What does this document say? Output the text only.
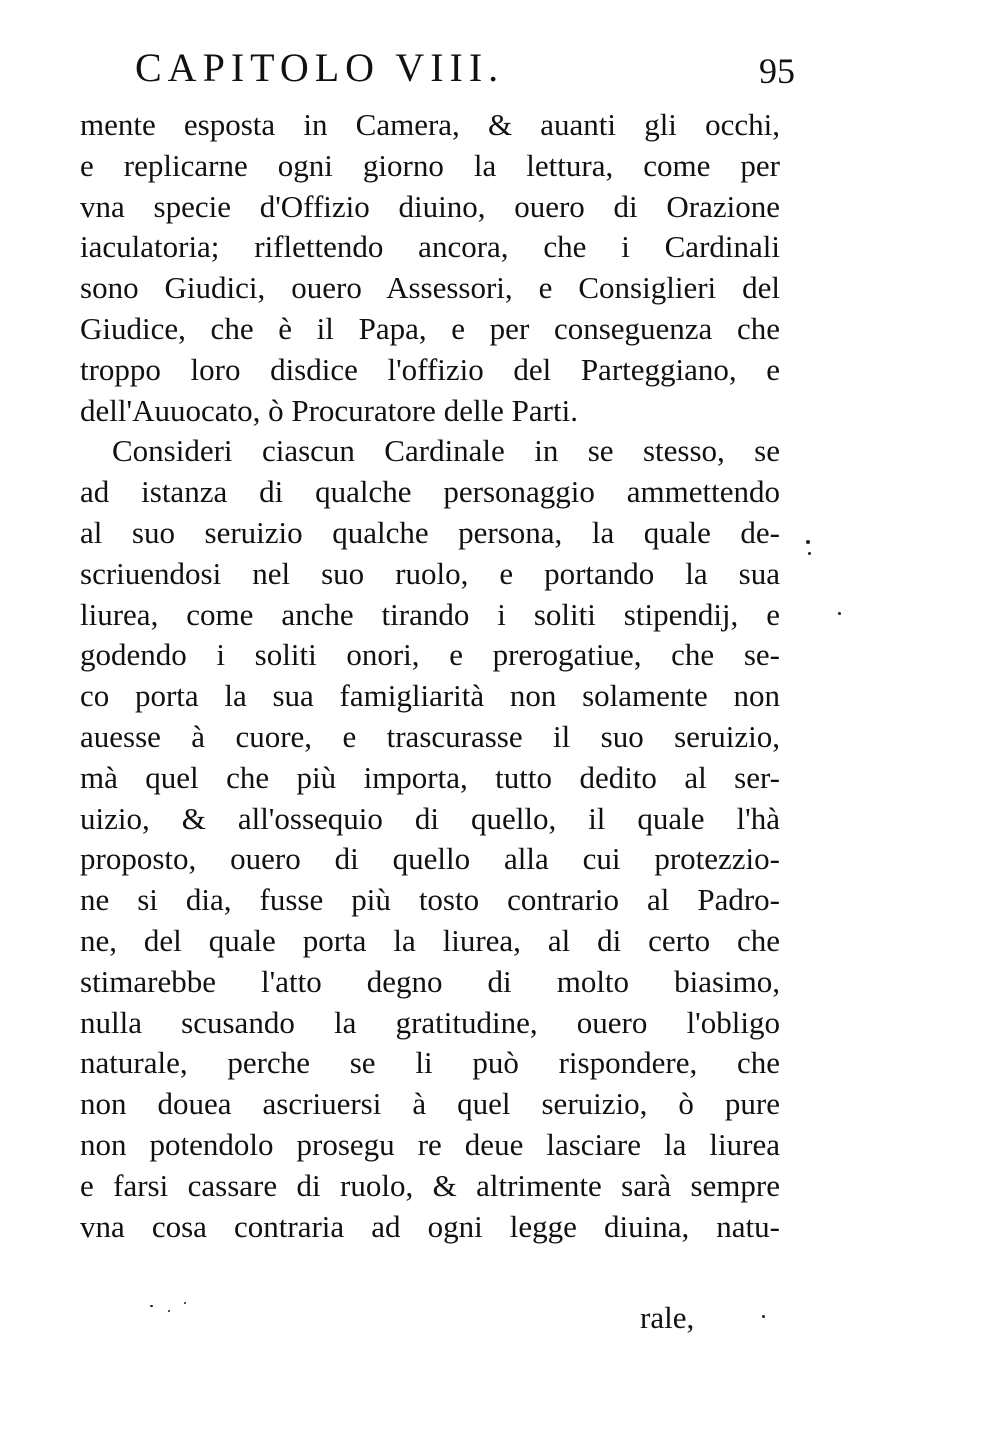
CAPITOLO VIII.	95
mente esposta in Camera, & auanti gli occhi,
e replicarne ogni giorno la lettura, come per
vna specie d'Offizio diuino, ouero di Orazione
iaculatoria; riflettendo ancora, che i Cardinali
sono Giudici, ouero Assessori, e Consiglieri del
Giudice, che è il Papa, e per conseguenza che
troppo loro disdice l'offizio del Parteggiano, e
dell'Auuocato, ò Procuratore delle Parti.
Consideri ciascun Cardinale in se stesso, se
ad istanza di qualche personaggio ammettendo
al suo seruizio qualche persona, la quale de-
scriuendosi nel suo ruolo, e portando la sua
liurea, come anche tirando i soliti stipendij, e
godendo i soliti onori, e prerogatiue, che se-
co porta la sua famigliarità non solamente non
auesse à cuore, e trascurasse il suo seruizio,
mà quel che più importa, tutto dedito al ser-
uizio, & all'ossequio di quello, il quale l'hà
proposto, ouero di quello alla cui protezzio-
ne si dia, fusse più tosto contrario al Padro-
ne, del quale porta la liurea, al di certo che
stimarebbe l'atto degno di molto biasimo,
nulla scusando la gratitudine, ouero l'obligo
naturale, perche se li può rispondere, che
non douea ascriuersi à quel seruizio, ò pure
non potendolo prosegu re deue lasciare la liurea
e farsi cassare di ruolo, & altrimente sarà sempre
vna cosa contraria ad ogni legge diuina, natu-
rale,
